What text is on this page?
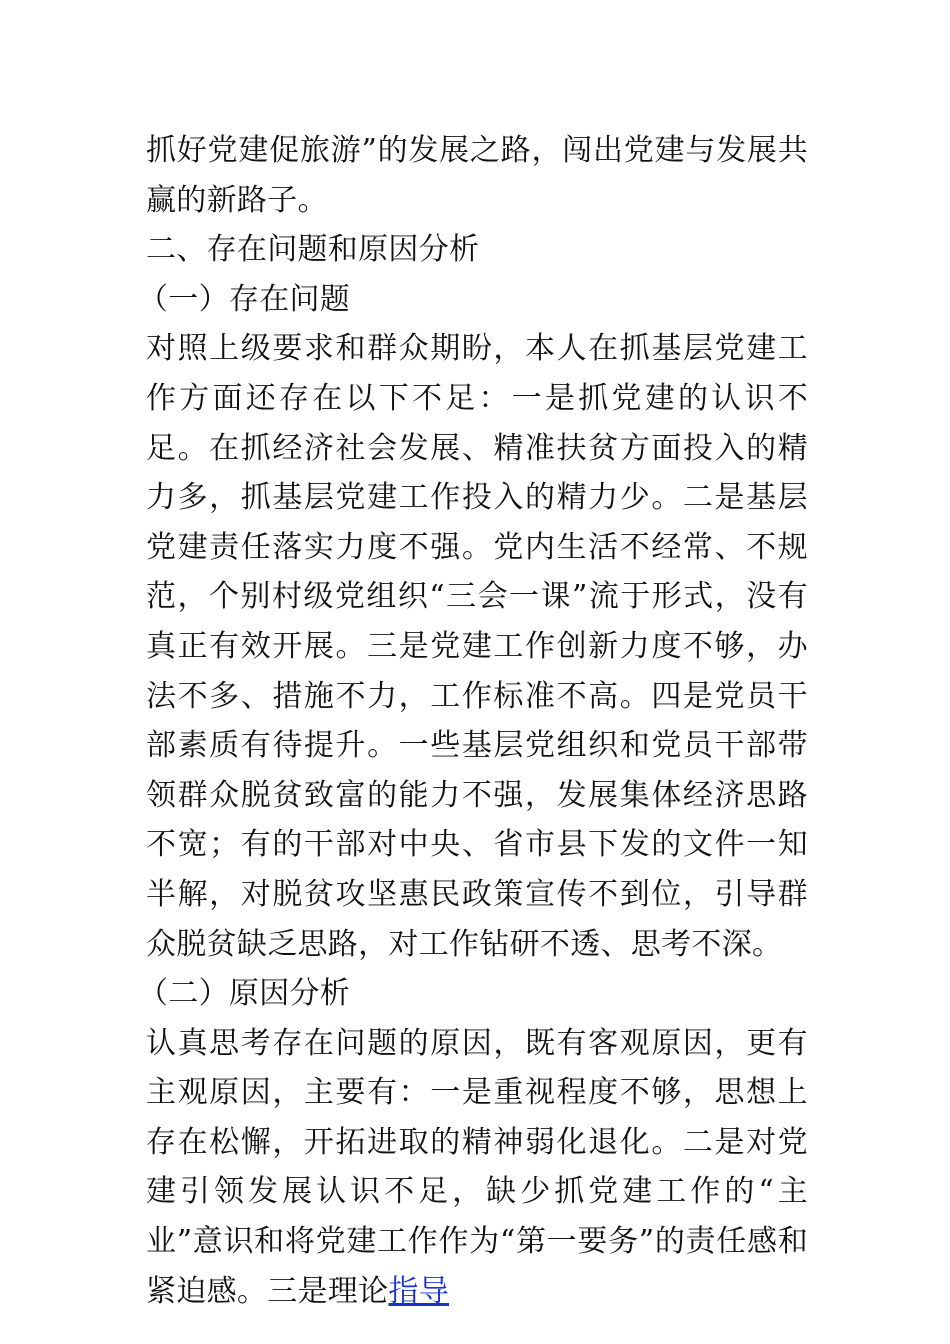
抓好党建促旅游”的发展之路，闯出党建与发展共赢的新路子。

二、存在问题和原因分析

（一）存在问题

对照上级要求和群众期盼，本人在抓基层党建工作方面还存在以下不足：一是抓党建的认识不足。在抓经济社会发展、精准扶贫方面投入的精力多，抓基层党建工作投入的精力少。二是基层党建责任落实力度不强。党内生活不经常、不规范，个别村级党组织“三会一课”流于形式，没有真正有效开展。三是党建工作创新力度不够，办法不多、措施不力，工作标准不高。四是党员干部素质有待提升。一些基层党组织和党员干部带领群众脱贫致富的能力不强，发展集体经济思路不宽；有的干部对中央、省市县下发的文件一知半解，对脱贫攻坚惠民政策宣传不到位，引导群众脱贫缺乏思路，对工作钻研不透、思考不深。

（二）原因分析

认真思考存在问题的原因，既有客观原因，更有主观原因，主要有：一是重视程度不够，思想上存在松懈，开拓进取的精神弱化退化。二是对党建引领发展认识不足，缺少抓党建工作的“主业”意识和将党建工作作为“第一要务”的责任感和紧迫感。三是理论指导
